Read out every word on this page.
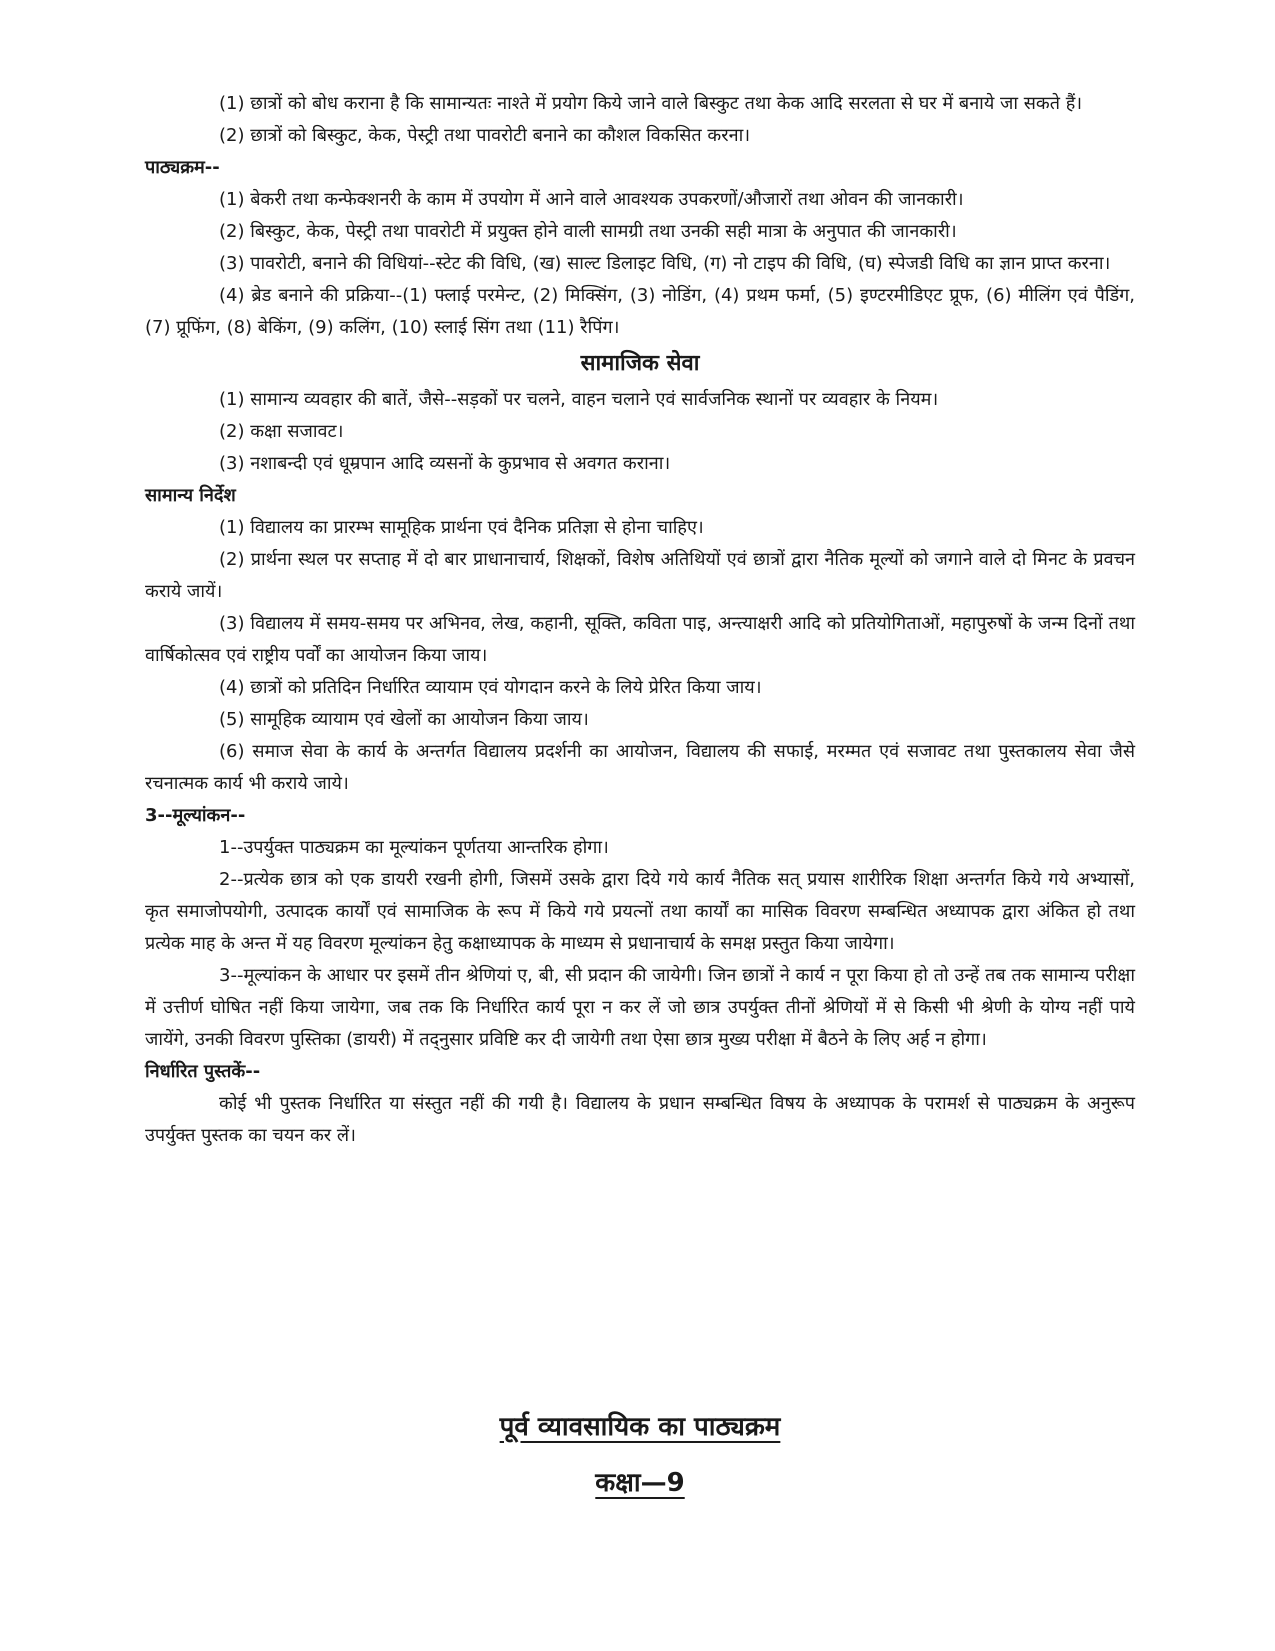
(1) छात्रों को बोध कराना है कि सामान्यतः नाश्ते में प्रयोग किये जाने वाले बिस्कुट तथा केक आदि सरलता से घर में बनाये जा सकते हैं।

(2) छात्रों को बिस्कुट, केक, पेस्ट्री तथा पावरोटी बनाने का कौशल विकसित करना।

पाठ्यक्रम--

(1) बेकरी तथा कन्फेक्शनरी के काम में उपयोग में आने वाले आवश्यक उपकरणों/औजारों तथा ओवन की जानकारी।

(2) बिस्कुट, केक, पेस्ट्री तथा पावरोटी में प्रयुक्त होने वाली सामग्री तथा उनकी सही मात्रा के अनुपात की जानकारी।

(3) पावरोटी, बनाने की विधियां--स्टेट की विधि, (ख) साल्ट डिलाइट विधि, (ग) नो टाइप की विधि, (घ) स्पेजडी विधि का ज्ञान प्राप्त करना।

(4) ब्रेड बनाने की प्रक्रिया--(1) फ्लाई परमेन्ट, (2) मिक्सिंग, (3) नोडिंग, (4) प्रथम फर्मा, (5) इण्टरमीडिएट प्रूफ, (6) मीलिंग एवं पैडिंग, (7) प्रूफिंग, (8) बेकिंग, (9) कलिंग, (10) स्लाई सिंग तथा (11) रैपिंग।

सामाजिक सेवा

(1) सामान्य व्यवहार की बातें, जैसे--सड़कों पर चलने, वाहन चलाने एवं सार्वजनिक स्थानों पर व्यवहार के नियम।

(2) कक्षा सजावट।

(3) नशाबन्दी एवं धूम्रपान आदि व्यसनों के कुप्रभाव से अवगत कराना।

सामान्य निर्देश

(1) विद्यालय का प्रारम्भ सामूहिक प्रार्थना एवं दैनिक प्रतिज्ञा से होना चाहिए।

(2) प्रार्थना स्थल पर सप्ताह में दो बार प्राधानाचार्य, शिक्षकों, विशेष अतिथियों एवं छात्रों द्वारा नैतिक मूल्यों को जगाने वाले दो मिनट के प्रवचन कराये जायें।

(3) विद्यालय में समय-समय पर अभिनव, लेख, कहानी, सूक्ति, कविता पाइ, अन्त्याक्षरी आदि को प्रतियोगिताओं, महापुरुषों के जन्म दिनों तथा वार्षिकोत्सव एवं राष्ट्रीय पर्वों का आयोजन किया जाय।

(4) छात्रों को प्रतिदिन निर्धारित व्यायाम एवं योगदान करने के लिये प्रेरित किया जाय।

(5) सामूहिक व्यायाम एवं खेलों का आयोजन किया जाय।

(6) समाज सेवा के कार्य के अन्तर्गत विद्यालय प्रदर्शनी का आयोजन, विद्यालय की सफाई, मरम्मत एवं सजावट तथा पुस्तकालय सेवा जैसे रचनात्मक कार्य भी कराये जाये।

3--मूल्यांकन--

1--उपर्युक्त पाठ्यक्रम का मूल्यांकन पूर्णतया आन्तरिक होगा।

2--प्रत्येक छात्र को एक डायरी रखनी होगी, जिसमें उसके द्वारा दिये गये कार्य नैतिक सत् प्रयास शारीरिक शिक्षा अन्तर्गत किये गये अभ्यासों, कृत समाजोपयोगी, उत्पादक कार्यों एवं सामाजिक के रूप में किये गये प्रयत्नों तथा कार्यों का मासिक विवरण सम्बन्धित अध्यापक द्वारा अंकित हो तथा प्रत्येक माह के अन्त में यह विवरण मूल्यांकन हेतु कक्षाध्यापक के माध्यम से प्रधानाचार्य के समक्ष प्रस्तुत किया जायेगा।

3--मूल्यांकन के आधार पर इसमें तीन श्रेणियां ए, बी, सी प्रदान की जायेगी। जिन छात्रों ने कार्य न पूरा किया हो तो उन्हें तब तक सामान्य परीक्षा में उत्तीर्ण घोषित नहीं किया जायेगा, जब तक कि निर्धारित कार्य पूरा न कर लें जो छात्र उपर्युक्त तीनों श्रेणियों में से किसी भी श्रेणी के योग्य नहीं पाये जायेंगे, उनकी विवरण पुस्तिका (डायरी) में तद्नुसार प्रविष्टि कर दी जायेगी तथा ऐसा छात्र मुख्य परीक्षा में बैठने के लिए अर्ह न होगा।

निर्धारित पुस्तकें--

कोई भी पुस्तक निर्धारित या संस्तुत नहीं की गयी है। विद्यालय के प्रधान सम्बन्धित विषय के अध्यापक के परामर्श से पाठ्यक्रम के अनुरूप उपर्युक्त पुस्तक का चयन कर लें।

पूर्व व्यावसायिक का पाठ्यक्रम
कक्षा—9
